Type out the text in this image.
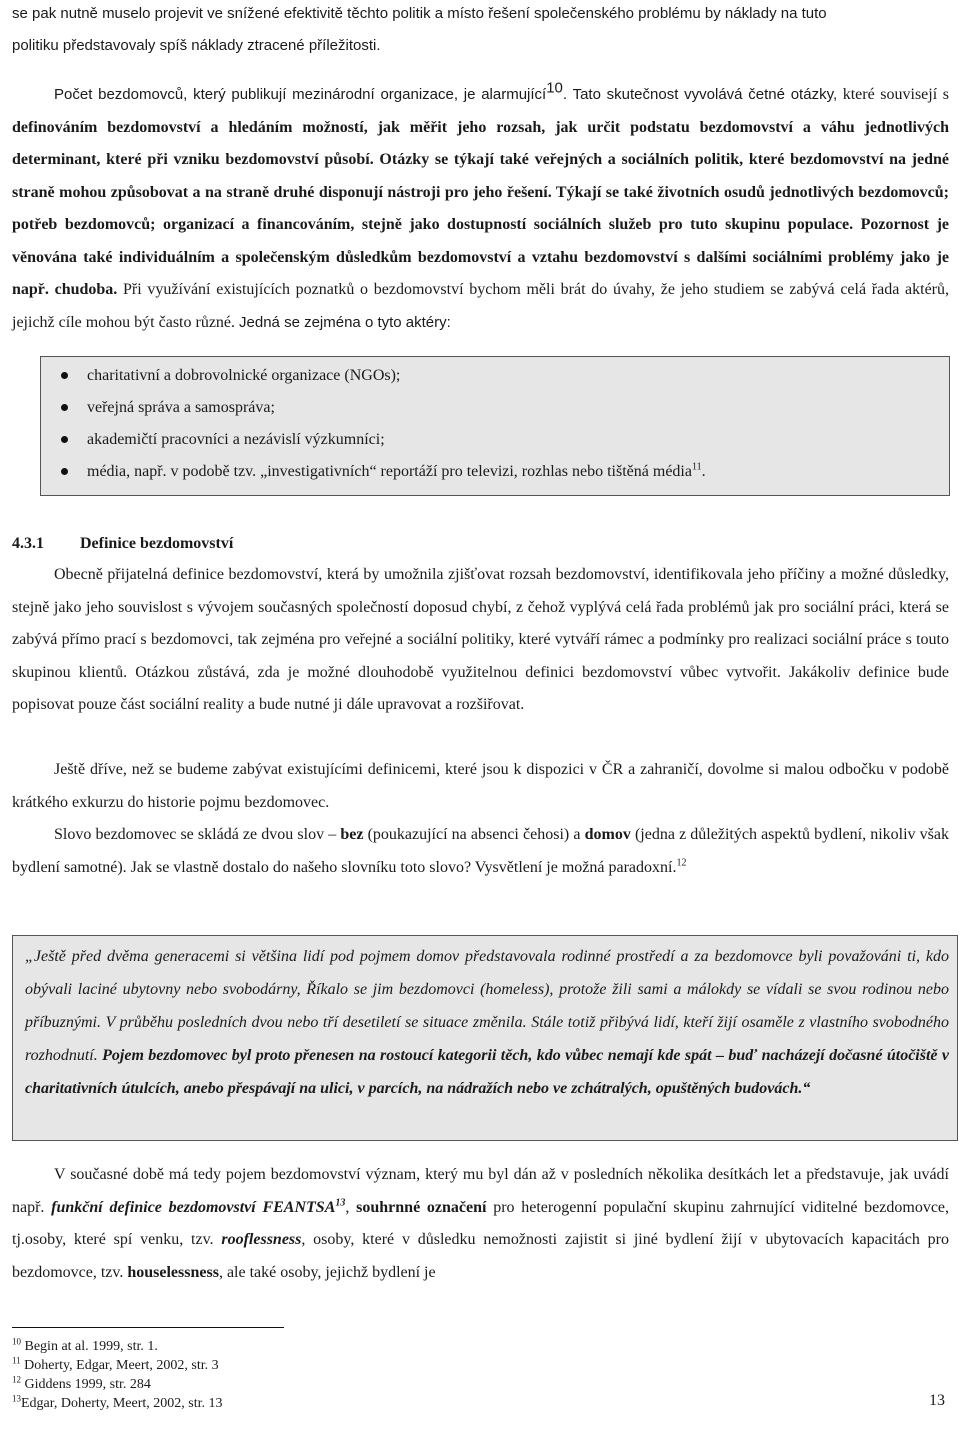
se pak nutně muselo projevit ve snížené efektivitě těchto politik a místo řešení společenského problému by náklady na tuto
politiku představovaly spíš náklady ztracené příležitosti.

Počet bezdomovců, který publikují mezinárodní organizace, je alarmující$^{10}$. Tato skutečnost vyvolává četné otázky, které souvisejí s definováním bezdomovství a hledáním možností, jak měřit jeho rozsah, jak určit podstatu bezdomovství a váhu jednotlivých determinant, které při vzniku bezdomovství působí. Otázky se týkají také veřejných a sociálních politik, které bezdomovství na jedné straně mohou způsobovat a na straně druhé disponují nástroji pro jeho řešení. Týkají se také životních osudů jednotlivých bezdomovců; potřeb bezdomovců; organizací a financováním, stejně jako dostupností sociálních služeb pro tuto skupinu populace. Pozornost je věnována také individuálním a společenským důsledkům bezdomovství a vztahu bezdomovství s dalšími sociálními problémy jako je např. chudoba. Při využívání existujících poznatků o bezdomovství bychom měli brát do úvahy, že jeho studiem se zabývá celá řada aktérů, jejichž cíle mohou být často různé. Jedná se zejména o tyto aktéry:

charitativní a dobrovolnické organizace (NGOs);
veřejná správa a samospráva;
akademičtí pracovníci a nezávislí výzkumníci;
média, např. v podobě tzv. „investigativních“ reportáží pro televizi, rozhlas nebo tištěná média$^{11}$.
4.3.1 Definice bezdomovství

Obecně přijatelná definice bezdomovství, která by umožnila zjišťovat rozsah bezdomovství, identifikovala jeho příčiny a možné důsledky, stejně jako jeho souvislost s vývojem současných společností doposud chybí, z čehož vyplývá celá řada problémů jak pro sociální práci, která se zabývá přímo prací s bezdomovci, tak zejména pro veřejné a sociální politiky, které vytváří rámec a podmínky pro realizaci sociální práce s touto skupinou klientů. Otázkou zůstává, zda je možné dlouhodobě využitelnou definici bezdomovství vůbec vytvořit. Jakákoliv definice bude popisovat pouze část sociální reality a bude nutné ji dále upravovat a rozšiřovat.

Ještě dříve, než se budeme zabývat existujícími definicemi, které jsou k dispozici v ČR a zahraničí, dovolme si malou odbočku v podobě krátkého exkurzu do historie pojmu bezdomovec.

Slovo bezdomovec se skládá ze dvou slov – bez (poukazující na absenci čehosi) a domov (jedna z důležitých aspektů bydlení, nikoliv však bydlení samotné). Jak se vlastně dostalo do našeho slovníku toto slovo? Vysvětlení je možná paradoxní.$^{12}$

„Ještě před dvěma generacemi si většina lidí pod pojmem domov představovala rodinné prostředí a za bezdomovce byli považováni ti, kdo obývali laciné ubytovny nebo svobodárny, Říkalo se jim bezdomovci (homeless), protože žili sami a málokdy se vídali se svou rodinou nebo příbuznými. V průběhu posledních dvou nebo tří desetiletí se situace změnila. Stále totiž přibývá lidí, kteří žijí osaměle z vlastního svobodného rozhodnutí. Pojem bezdomovec byl proto přenesen na rostoucí kategorii těch, kdo vůbec nemají kde spát – buď nacházejí dočasné útočiště v charitativních útulcích, anebo přespávají na ulici, v parcích, na nádražích nebo ve zchátralých, opuštěných budovách.“

V současné době má tedy pojem bezdomovství význam, který mu byl dán až v posledních několika desítkách let a představuje, jak uvádí např. funkční definice bezdomovství FEANTSA$^{13}$, souhrnné označení pro heterogenní populační skupinu zahrnující viditelné bezdomovce, tj.osoby, které spí venku, tzv. rooflessness, osoby, které v důsledku nemožnosti zajistit si jiné bydlení žijí v ubytovacích kapacitách pro bezdomovce, tzv. houselessness, ale také osoby, jejichž bydlení je

$^{10}$ Begin at al. 1999, str. 1.
$^{11}$ Doherty, Edgar, Meert, 2002, str. 3
$^{12}$ Giddens 1999, str. 284
$^{13}$Edgar, Doherty, Meert, 2002, str. 13	13
